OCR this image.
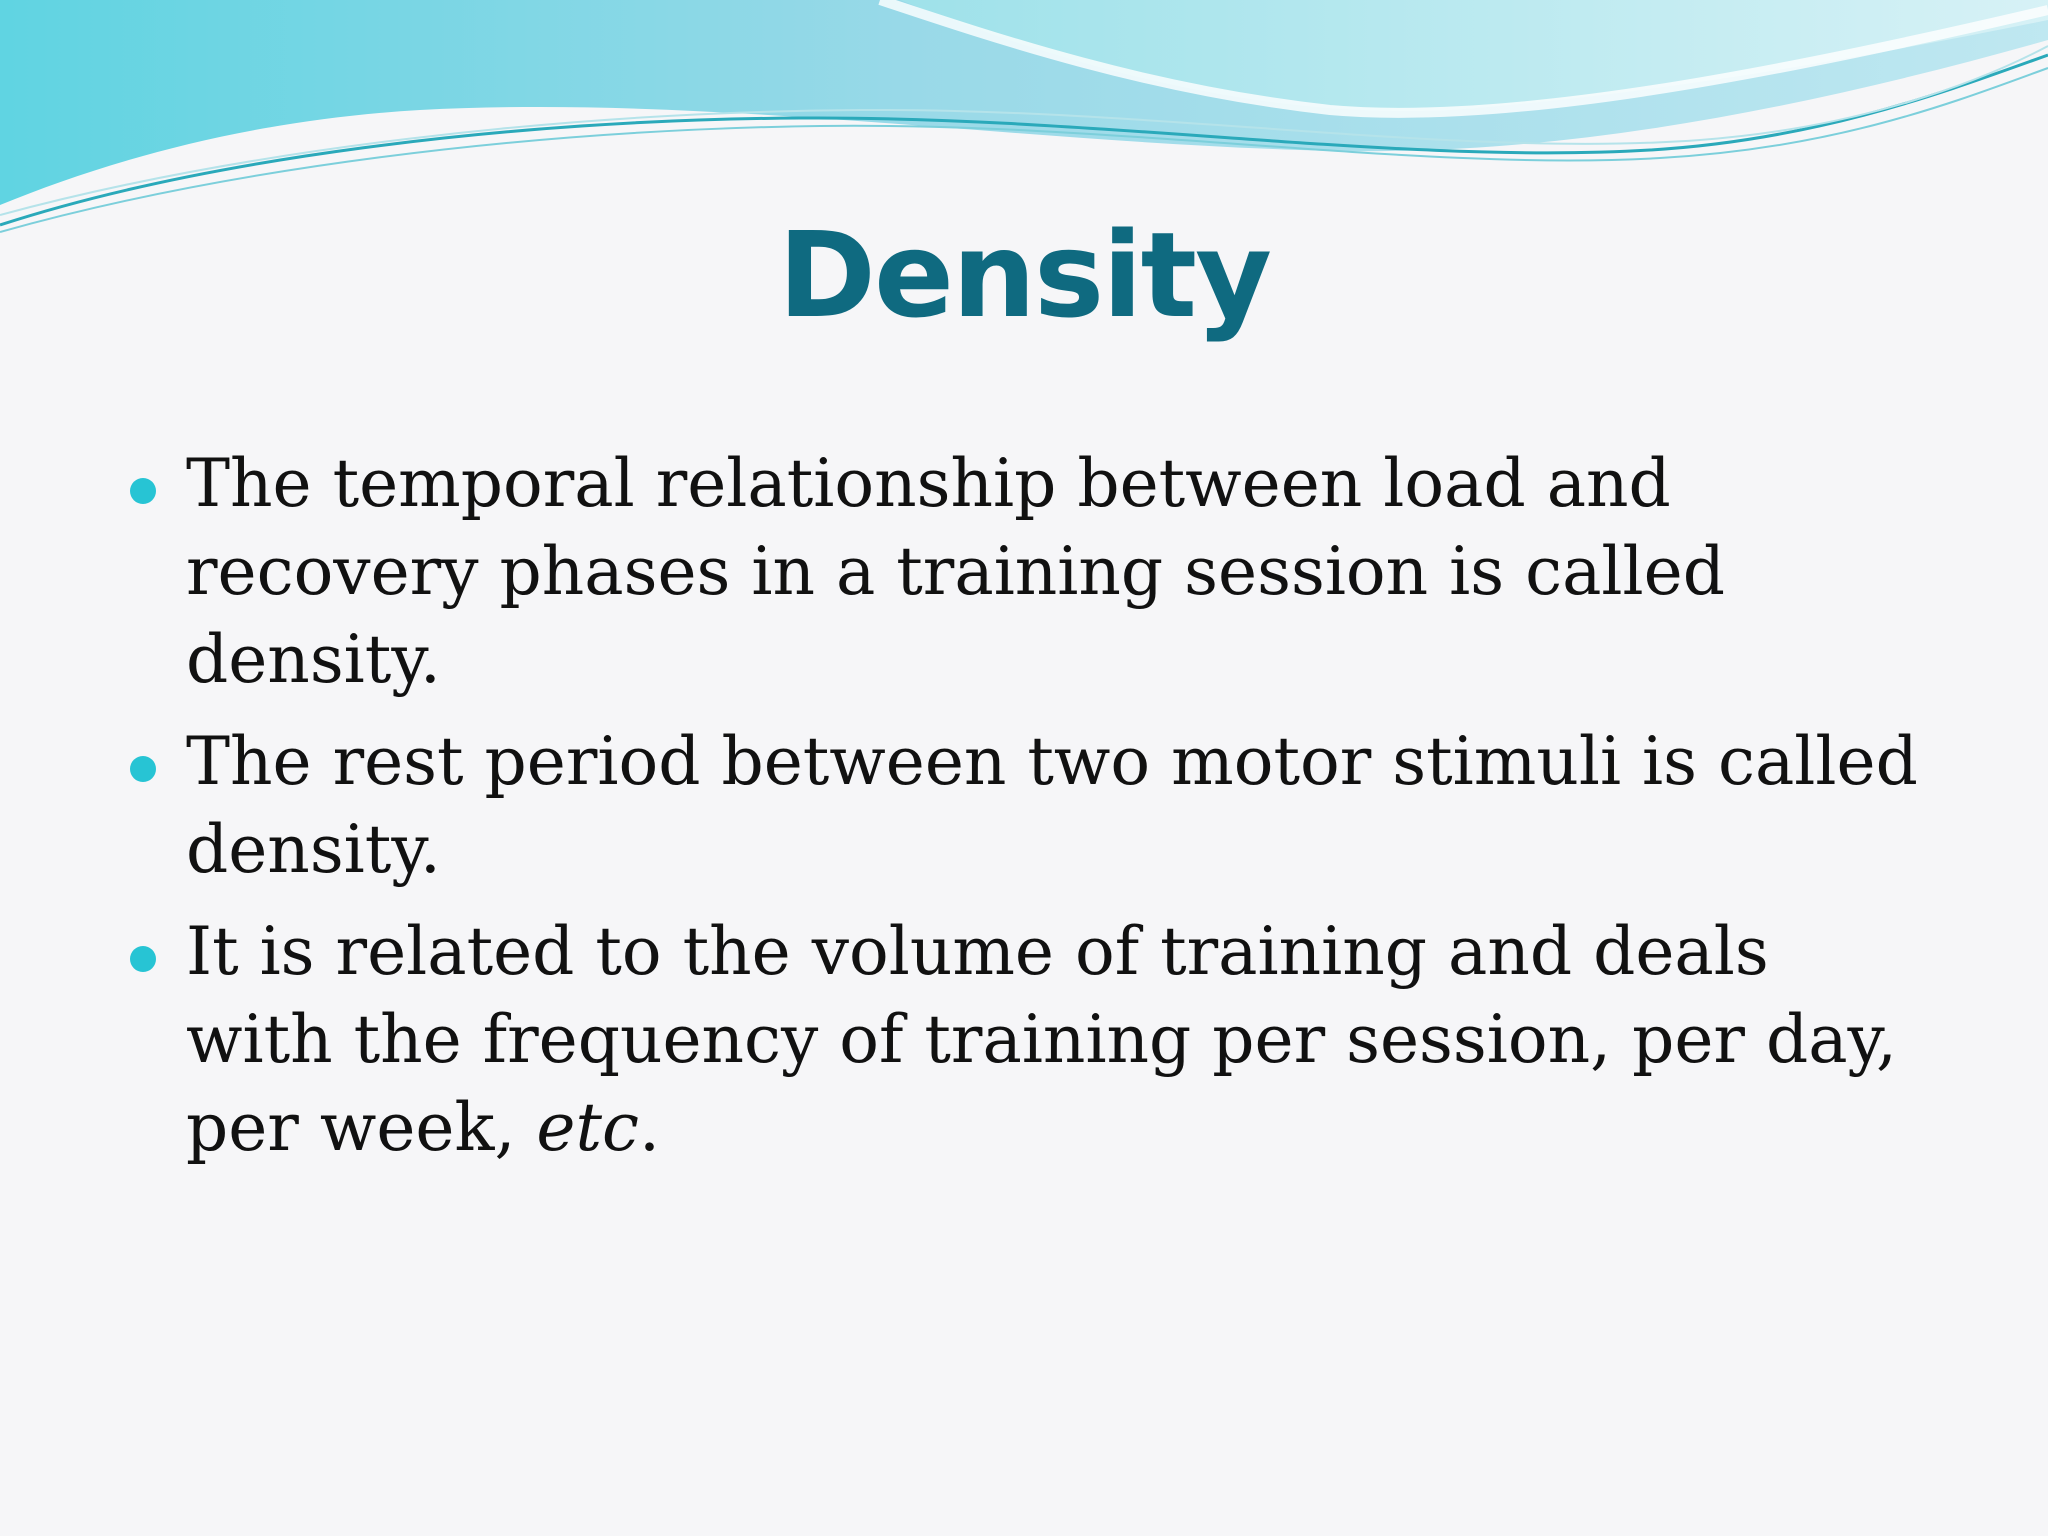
Density
The temporal relationship between load and recovery phases in a training session is called density.
The rest period between two motor stimuli is called density.
It is related to the volume of training and deals with the frequency of training per session, per day, per week, etc.
